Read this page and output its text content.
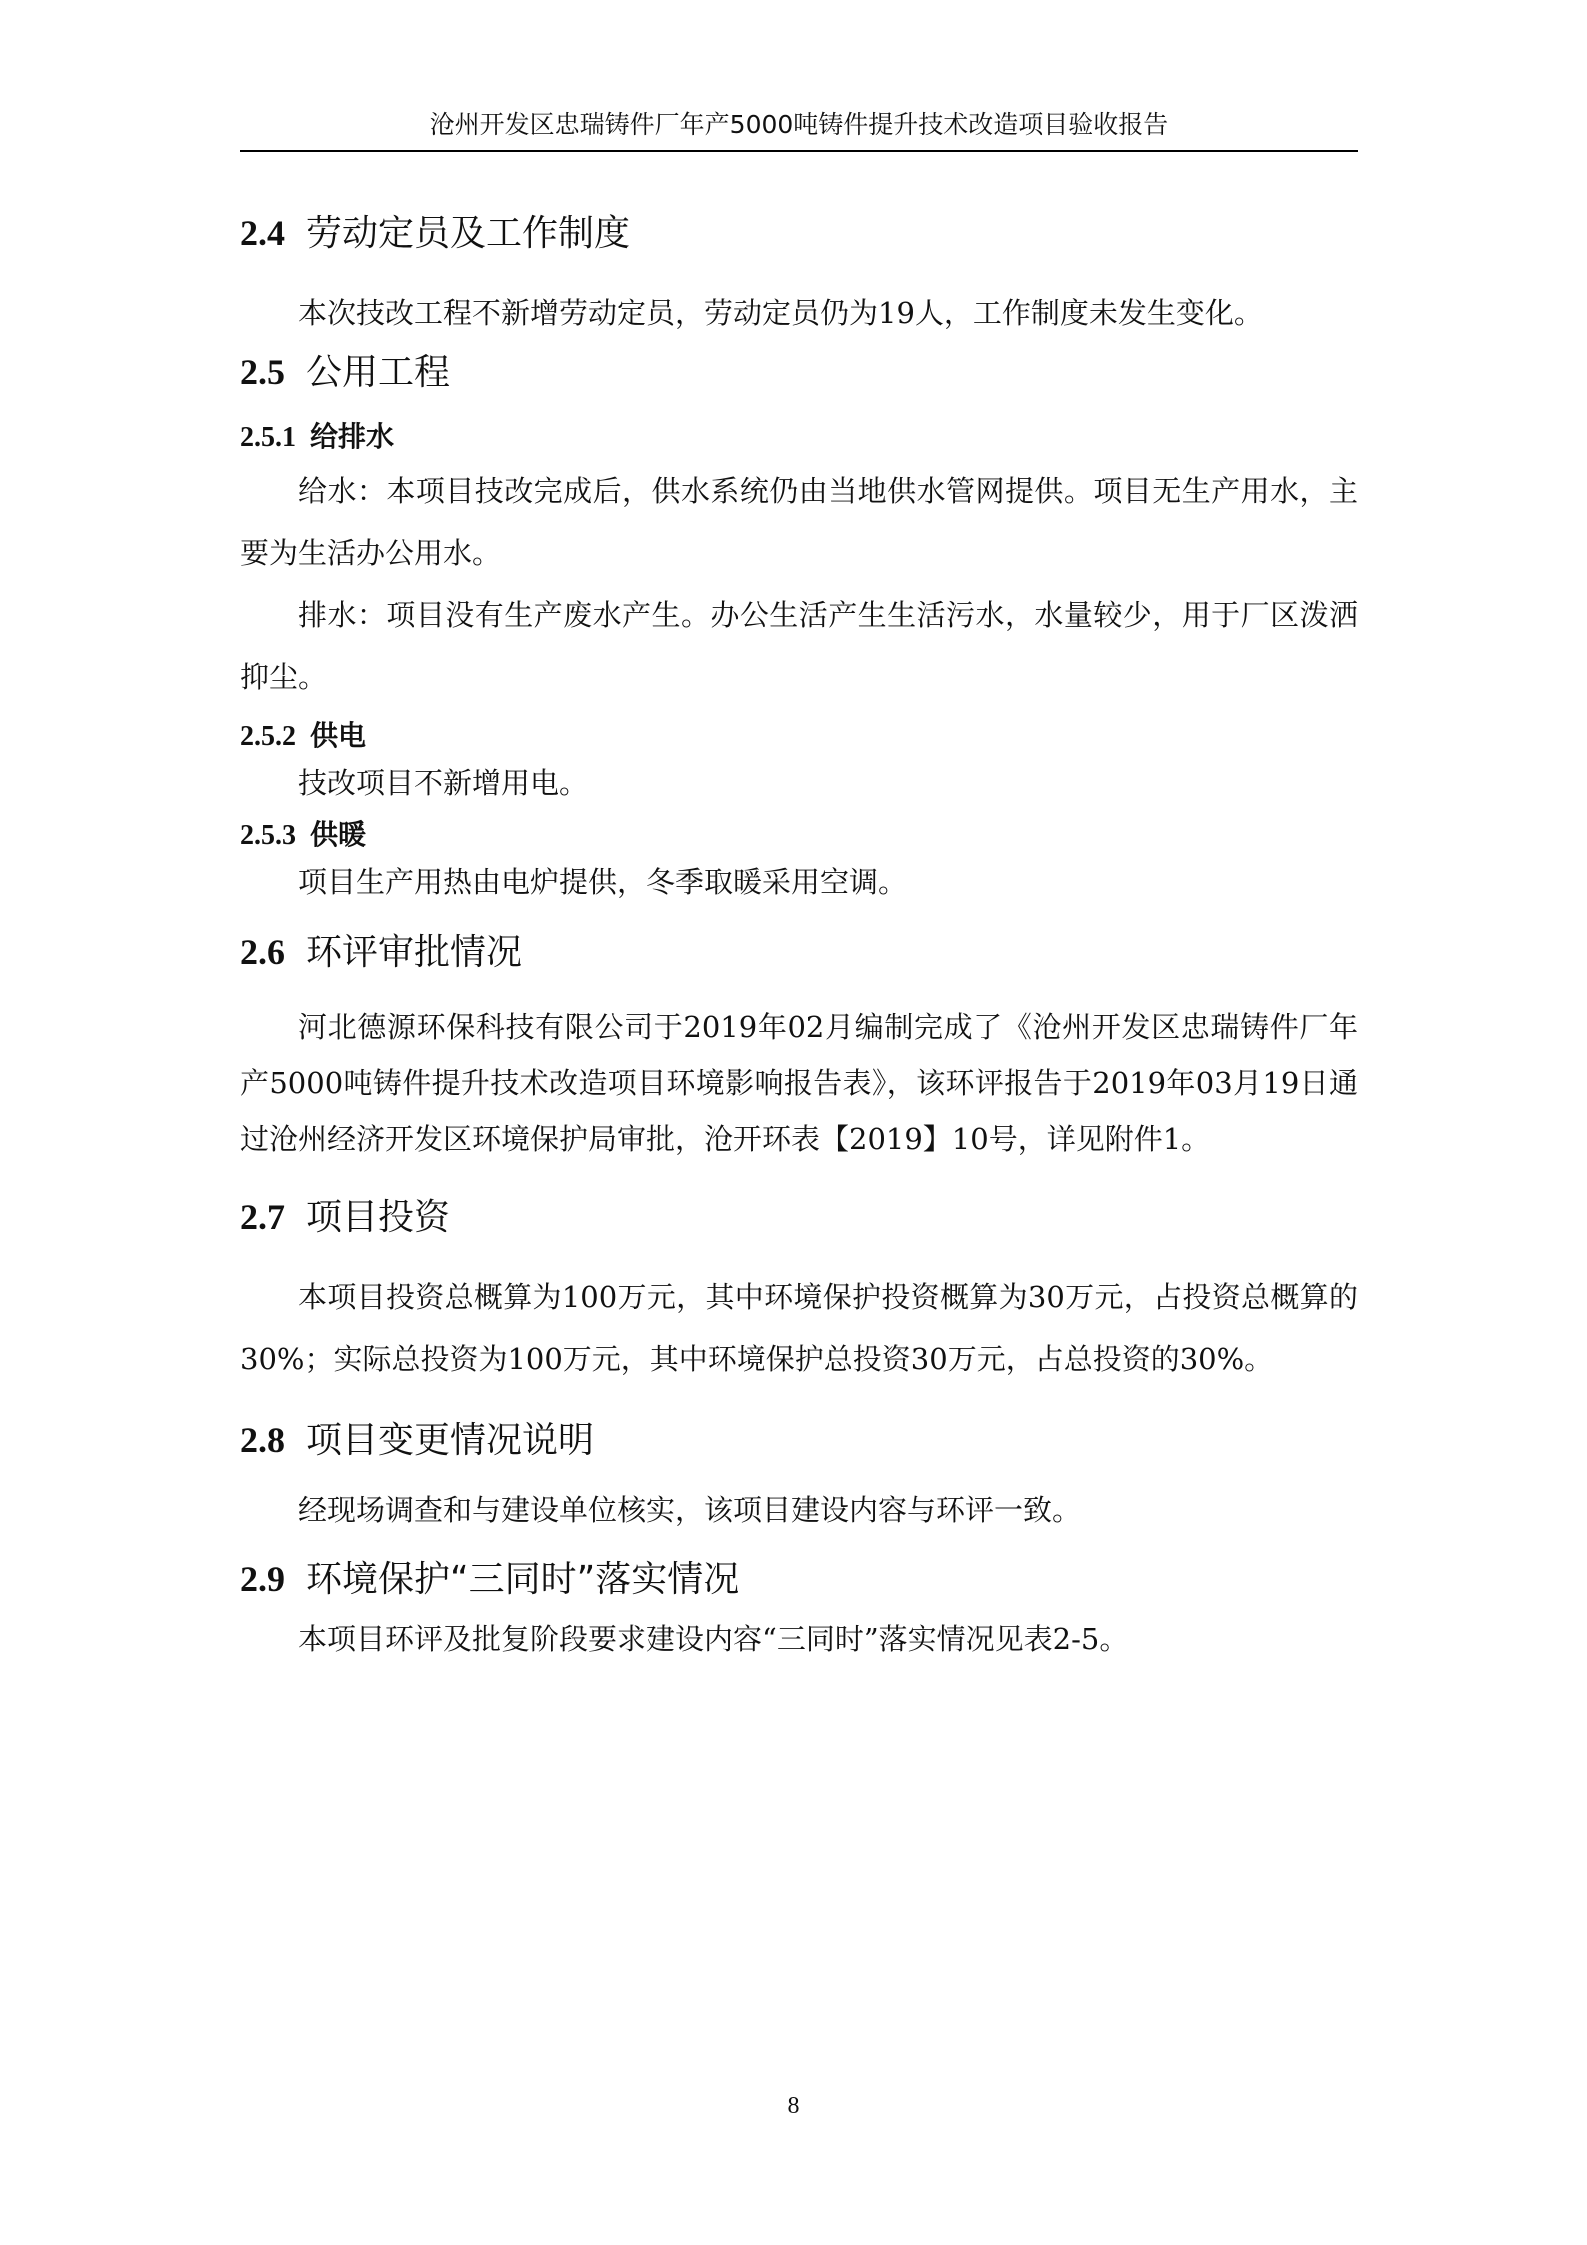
沧州开发区忠瑞铸件厂年产5000吨铸件提升技术改造项目验收报告
2.4 劳动定员及工作制度

本次技改工程不新增劳动定员，劳动定员仍为19人，工作制度未发生变化。

2.5 公用工程
2.5.1 给排水

给水：本项目技改完成后，供水系统仍由当地供水管网提供。项目无生产用水，主要为生活办公用水。

排水：项目没有生产废水产生。办公生活产生生活污水，水量较少，用于厂区泼洒抑尘。

2.5.2 供电

技改项目不新增用电。

2.5.3 供暖

项目生产用热由电炉提供，冬季取暖采用空调。

2.6 环评审批情况

河北德源环保科技有限公司于2019年02月编制完成了《沧州开发区忠瑞铸件厂年产5000吨铸件提升技术改造项目环境影响报告表》，该环评报告于2019年03月19日通过沧州经济开发区环境保护局审批，沧开环表【2019】10号，详见附件1。

2.7 项目投资

本项目投资总概算为100万元，其中环境保护投资概算为30万元，占投资总概算的30%；实际总投资为100万元，其中环境保护总投资30万元，占总投资的30%。

2.8 项目变更情况说明

经现场调查和与建设单位核实，该项目建设内容与环评一致。

2.9 环境保护“三同时”落实情况

本项目环评及批复阶段要求建设内容“三同时”落实情况见表2-5。

8
